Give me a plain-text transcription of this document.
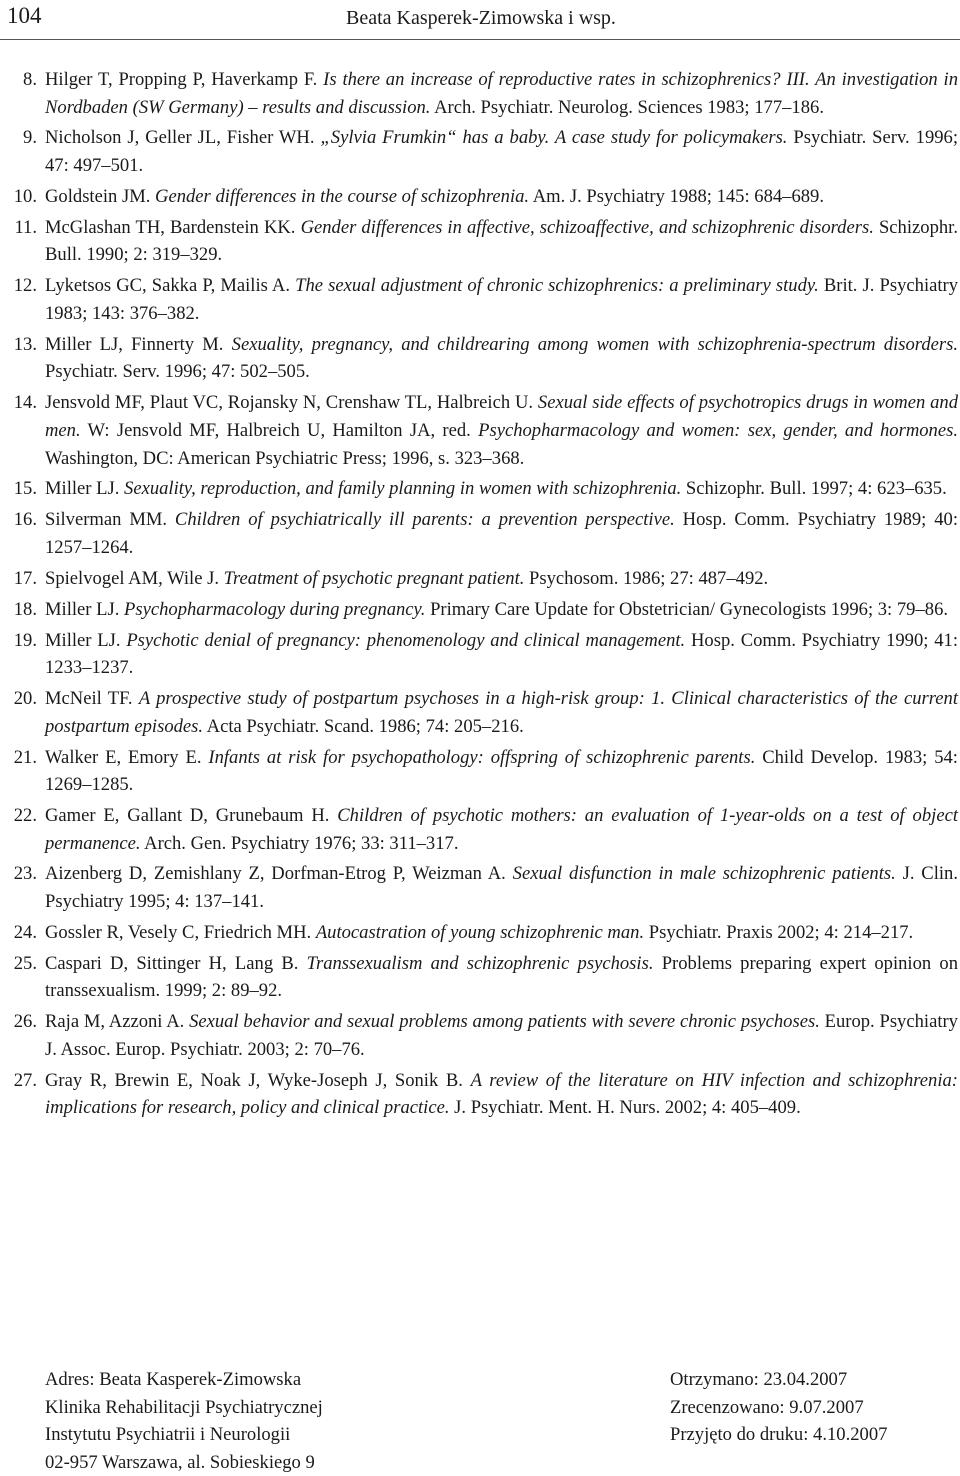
104	Beata Kasperek-Zimowska i wsp.
8. Hilger T, Propping P, Haverkamp F. Is there an increase of reproductive rates in schizophrenics? III. An investigation in Nordbaden (SW Germany) – results and discussion. Arch. Psychiatr. Neurolog. Sciences 1983; 177–186.
9. Nicholson J, Geller JL, Fisher WH. „Sylvia Frumkin“ has a baby. A case study for policymakers. Psychiatr. Serv. 1996; 47: 497–501.
10. Goldstein JM. Gender differences in the course of schizophrenia. Am. J. Psychiatry 1988; 145: 684–689.
11. McGlashan TH, Bardenstein KK. Gender differences in affective, schizoaffective, and schizophrenic disorders. Schizophr. Bull. 1990; 2: 319–329.
12. Lyketsos GC, Sakka P, Mailis A. The sexual adjustment of chronic schizophrenics: a preliminary study. Brit. J. Psychiatry 1983; 143: 376–382.
13. Miller LJ, Finnerty M. Sexuality, pregnancy, and childrearing among women with schizophrenia-spectrum disorders. Psychiatr. Serv. 1996; 47: 502–505.
14. Jensvold MF, Plaut VC, Rojansky N, Crenshaw TL, Halbreich U. Sexual side effects of psychotropics drugs in women and men. W: Jensvold MF, Halbreich U, Hamilton JA, red. Psychopharmacology and women: sex, gender, and hormones. Washington, DC: American Psychiatric Press; 1996, s. 323–368.
15. Miller LJ. Sexuality, reproduction, and family planning in women with schizophrenia. Schizophr. Bull. 1997; 4: 623–635.
16. Silverman MM. Children of psychiatrically ill parents: a prevention perspective. Hosp. Comm. Psychiatry 1989; 40: 1257–1264.
17. Spielvogel AM, Wile J. Treatment of psychotic pregnant patient. Psychosom. 1986; 27: 487–492.
18. Miller LJ. Psychopharmacology during pregnancy. Primary Care Update for Obstetrician/ Gynecologists 1996; 3: 79–86.
19. Miller LJ. Psychotic denial of pregnancy: phenomenology and clinical management. Hosp. Comm. Psychiatry 1990; 41: 1233–1237.
20. McNeil TF. A prospective study of postpartum psychoses in a high-risk group: 1. Clinical characteristics of the current postpartum episodes. Acta Psychiatr. Scand. 1986; 74: 205–216.
21. Walker E, Emory E. Infants at risk for psychopathology: offspring of schizophrenic parents. Child Develop. 1983; 54: 1269–1285.
22. Gamer E, Gallant D, Grunebaum H. Children of psychotic mothers: an evaluation of 1-year-olds on a test of object permanence. Arch. Gen. Psychiatry 1976; 33: 311–317.
23. Aizenberg D, Zemishlany Z, Dorfman-Etrog P, Weizman A. Sexual disfunction in male schizophrenic patients. J. Clin. Psychiatry 1995; 4: 137–141.
24. Gossler R, Vesely C, Friedrich MH. Autocastration of young schizophrenic man. Psychiatr. Praxis 2002; 4: 214–217.
25. Caspari D, Sittinger H, Lang B. Transsexualism and schizophrenic psychosis. Problems preparing expert opinion on transsexualism. 1999; 2: 89–92.
26. Raja M, Azzoni A. Sexual behavior and sexual problems among patients with severe chronic psychoses. Europ. Psychiatry J. Assoc. Europ. Psychiatr. 2003; 2: 70–76.
27. Gray R, Brewin E, Noak J, Wyke-Joseph J, Sonik B. A review of the literature on HIV infection and schizophrenia: implications for research, policy and clinical practice. J. Psychiatr. Ment. H. Nurs. 2002; 4: 405–409.
Adres: Beata Kasperek-Zimowska
Klinika Rehabilitacji Psychiatrycznej
Instytutu Psychiatrii i Neurologii
02-957 Warszawa, al. Sobieskiego 9
Otrzymano: 23.04.2007
Zrecenzowano: 9.07.2007
Przyjęto do druku: 4.10.2007
